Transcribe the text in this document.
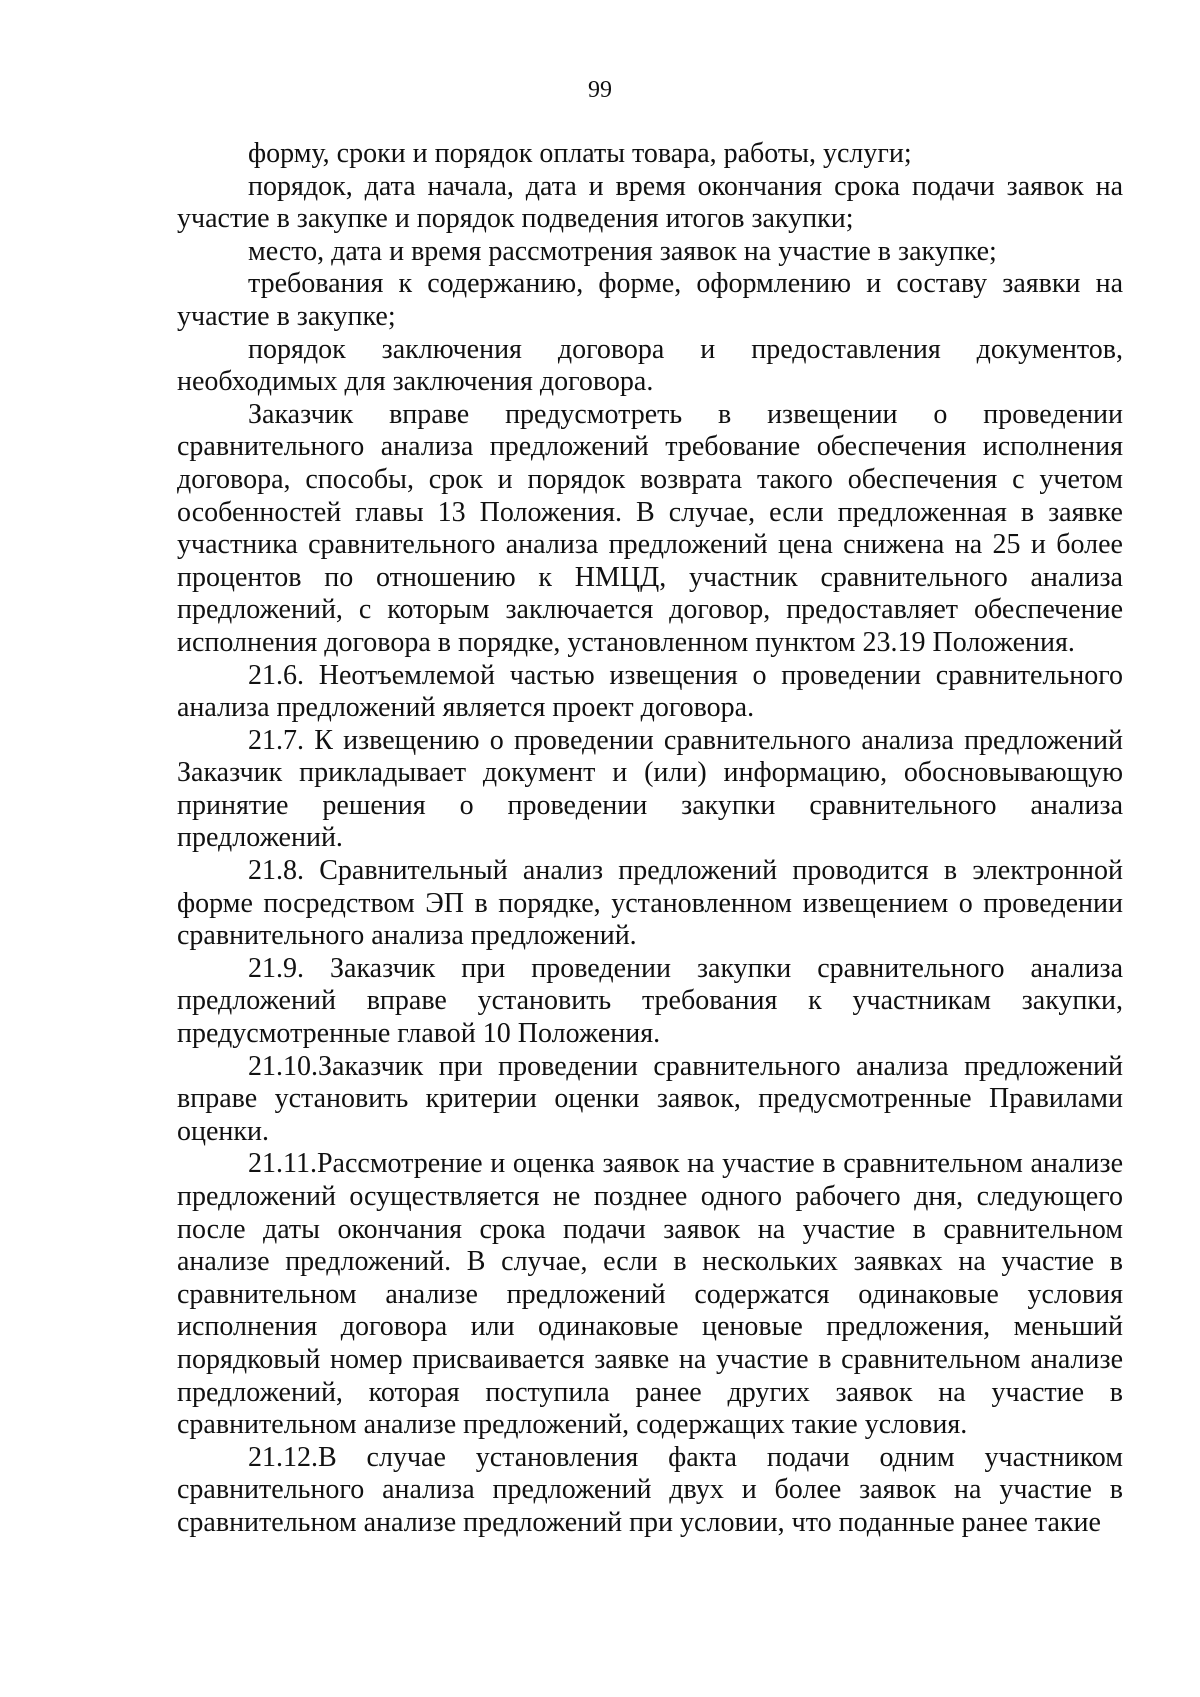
99

форму, сроки и порядок оплаты товара, работы, услуги;

порядок, дата начала, дата и время окончания срока подачи заявок на участие в закупке и порядок подведения итогов закупки;

место, дата и время рассмотрения заявок на участие в закупке;

требования к содержанию, форме, оформлению и составу заявки на участие в закупке;

порядок заключения договора и предоставления документов, необходимых для заключения договора.

Заказчик вправе предусмотреть в извещении о проведении сравнительного анализа предложений требование обеспечения исполнения договора, способы, срок и порядок возврата такого обеспечения с учетом особенностей главы 13 Положения. В случае, если предложенная в заявке участника сравнительного анализа предложений цена снижена на 25 и более процентов по отношению к НМЦД, участник сравнительного анализа предложений, с которым заключается договор, предоставляет обеспечение исполнения договора в порядке, установленном пунктом 23.19 Положения.

21.6. Неотъемлемой частью извещения о проведении сравнительного анализа предложений является проект договора.

21.7. К извещению о проведении сравнительного анализа предложений Заказчик прикладывает документ и (или) информацию, обосновывающую принятие решения о проведении закупки сравнительного анализа предложений.

21.8. Сравнительный анализ предложений проводится в электронной форме посредством ЭП в порядке, установленном извещением о проведении сравнительного анализа предложений.

21.9. Заказчик при проведении закупки сравнительного анализа предложений вправе установить требования к участникам закупки, предусмотренные главой 10 Положения.

21.10.Заказчик при проведении сравнительного анализа предложений вправе установить критерии оценки заявок, предусмотренные Правилами оценки.

21.11.Рассмотрение и оценка заявок на участие в сравнительном анализе предложений осуществляется не позднее одного рабочего дня, следующего после даты окончания срока подачи заявок на участие в сравнительном анализе предложений. В случае, если в нескольких заявках на участие в сравнительном анализе предложений содержатся одинаковые условия исполнения договора или одинаковые ценовые предложения, меньший порядковый номер присваивается заявке на участие в сравнительном анализе предложений, которая поступила ранее других заявок на участие в сравнительном анализе предложений, содержащих такие условия.

21.12.В случае установления факта подачи одним участником сравнительного анализа предложений двух и более заявок на участие в сравнительном анализе предложений при условии, что поданные ранее такие
